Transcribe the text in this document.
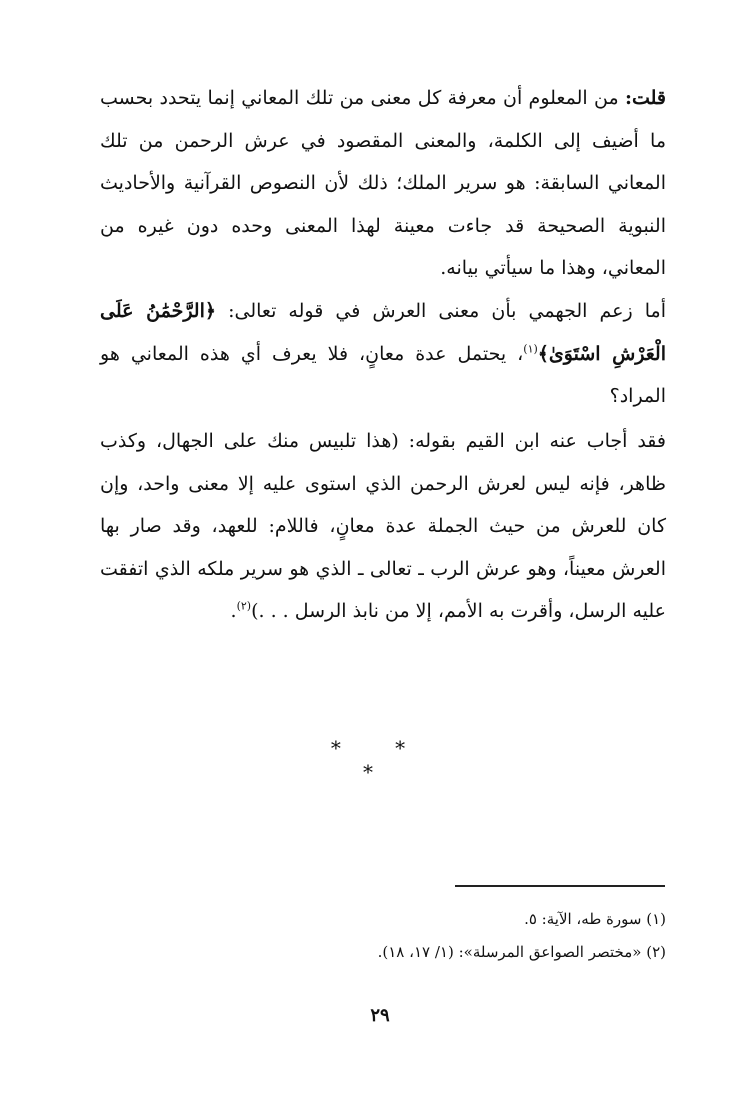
قلت: من المعلوم أن معرفة كل معنى من تلك المعاني إنما يتحدد بحسب ما أضيف إلى الكلمة، والمعنى المقصود في عرش الرحمن من تلك المعاني السابقة: هو سرير الملك؛ ذلك لأن النصوص القرآنية والأحاديث النبوية الصحيحة قد جاءت معينة لهذا المعنى وحده دون غيره من المعاني، وهذا ما سيأتي بيانه.
أما زعم الجهمي بأن معنى العرش في قوله تعالى: ﴿الرَّحْمَٰنُ عَلَى الْعَرْشِ اسْتَوَىٰ﴾$^{(١)}$، يحتمل عدة معانٍ، فلا يعرف أي هذه المعاني هو المراد؟
فقد أجاب عنه ابن القيم بقوله: (هذا تلبيس منك على الجهال، وكذب ظاهر، فإنه ليس لعرش الرحمن الذي استوى عليه إلا معنى واحد، وإن كان للعرش من حيث الجملة عدة معانٍ، فاللام: للعهد، وقد صار بها العرش معيناً، وهو عرش الرب ـ تعالى ـ الذي هو سرير ملكه الذي اتفقت عليه الرسل، وأقرت به الأمم، إلا من نابذ الرسل . . .)$^{(٢)}$.
* * *
(١) سورة طه، الآية: ٥.
(٢) «مختصر الصواعق المرسلة»: (١/ ١٧، ١٨).
٢٩
